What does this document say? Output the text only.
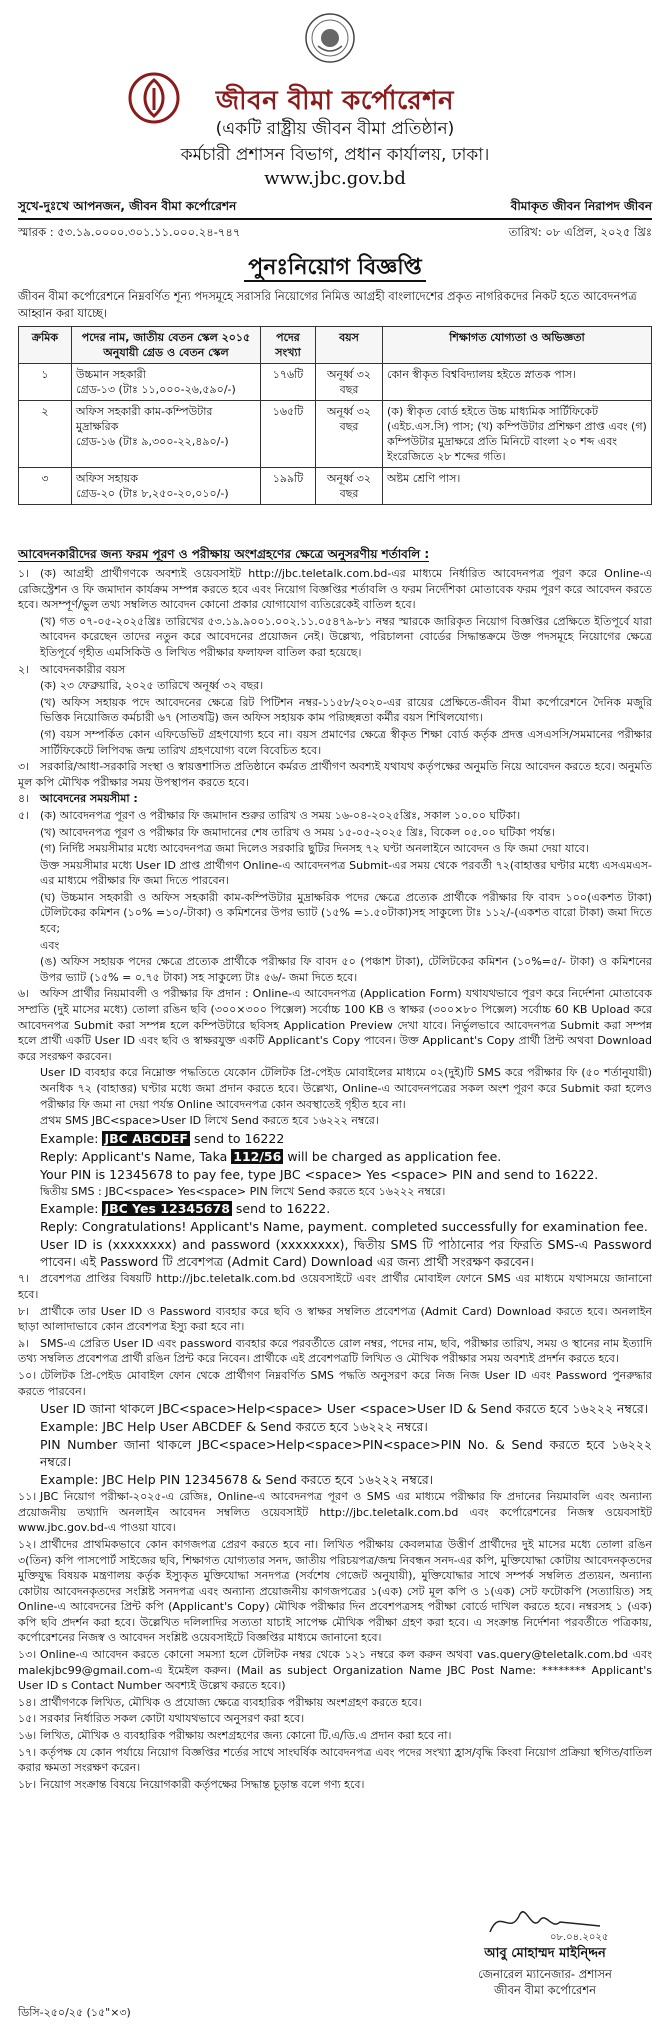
জীবন বীমা কর্পোরেশন
(একটি রাষ্ট্রীয় জীবন বীমা প্রতিষ্ঠান)
কর্মচারী প্রশাসন বিভাগ, প্রধান কার্যালয়, ঢাকা।
www.jbc.gov.bd
সুখে-দুঃখে আপনজন, জীবন বীমা কর্পোরেশন	বীমাকৃত জীবন নিরাপদ জীবন
স্মারক : ৫৩.১৯.০০০০.৩০১.১১.০০০.২৪-৭৪৭	তারিখ: ০৮ এপ্রিল, ২০২৫ খ্রিঃ
পুনঃনিয়োগ বিজ্ঞপ্তি
জীবন বীমা কর্পোরেশনে নিম্নবর্ণিত শূন্য পদসমূহে সরাসরি নিয়োগের নিমিত্ত আগ্রহী বাংলাদেশের প্রকৃত নাগরিকদের নিকট হতে আবেদনপত্র আহ্বান করা যাচ্ছে।
ক্রমিক	পদের নাম, জাতীয় বেতন স্কেল ২০১৫ অনুযায়ী গ্রেড ও বেতন স্কেল	পদের সংখ্যা	বয়স	শিক্ষাগত যোগ্যতা ও অভিজ্ঞতা
১	উচ্চমান সহকারী
গ্রেড-১৩ (টাঃ ১১,০০০-২৬,৫৯০/-)	১৭৬টি	অনূর্ধ্ব ৩২ বছর	কোন স্বীকৃত বিশ্ববিদ্যালয় হইতে স্নাতক পাস।
২	অফিস সহকারী কাম-কম্পিউটার মুদ্রাক্ষরিক
গ্রেড-১৬ (টাঃ ৯,৩০০-২২,৪৯০/-)	১৬৫টি	অনূর্ধ্ব ৩২ বছর	(ক) স্বীকৃত বোর্ড হইতে উচ্চ মাধ্যমিক সার্টিফিকেট (এইচ.এস.সি) পাস; (খ) কম্পিউটার প্রশিক্ষণ প্রাপ্ত এবং (গ) কম্পিউটার মুদ্রাক্ষরে প্রতি মিনিটে বাংলা ২০ শব্দ এবং ইংরেজিতে ২৮ শব্দের গতি।
৩	অফিস সহায়ক
গ্রেড-২০ (টাঃ ৮,২৫০-২০,০১০/-)	১৯৯টি	অনূর্ধ্ব ৩২ বছর	অষ্টম শ্রেণি পাস।
আবেদনকারীদের জন্য ফরম পূরণ ও পরীক্ষায় অংশগ্রহণের ক্ষেত্রে অনুসরণীয় শর্তাবলি :

১। (ক) আগ্রহী প্রার্থীগণকে অবশ্যই ওয়েবসাইট http://jbc.teletalk.com.bd-এর মাধ্যমে নির্ধারিত আবেদনপত্র পূরণ করে Online-এ রেজিস্ট্রেশন ও ফি জমাদান কার্যক্রম সম্পন্ন করতে হবে এবং নিয়োগ বিজ্ঞপ্তির শর্তাবলি ও ফরম নির্দেশিকা মোতাবেক ফরম পূরণ করে আবেদন করতে হবে। অসম্পূর্ণ/ভুল তথ্য সম্বলিত আবেদন কোনো প্রকার যোগাযোগ ব্যতিরেকেই বাতিল হবে।

(খ) গত ০৭-০৫-২০২৫খ্রিঃ তারিখের ৫৩.১৯.৯০০১.০০২.১১.০৫৪৭৯-৮১ নম্বর স্মারকে জারিকৃত নিয়োগ বিজ্ঞপ্তির প্রেক্ষিতে ইতিপূর্বে যারা আবেদন করেছেন তাদের নতুন করে আবেদনের প্রয়োজন নেই। উল্লেখ্য, পরিচালনা বোর্ডের সিদ্ধান্তক্রমে উক্ত পদসমূহে নিয়োগের ক্ষেত্রে ইতিপূর্বে গৃহীত এমসিকিউ ও লিখিত পরীক্ষার ফলাফল বাতিল করা হয়েছে।

২। আবেদনকারীর বয়স

(ক) ২৩ ফেব্রুয়ারি, ২০২৫ তারিখে অনূর্ধ্ব ৩২ বছর।

(খ) অফিস সহায়ক পদে আবেদনের ক্ষেত্রে রিট পিটিশন নম্বর-১১৫৮/২০২০-এর রায়ের প্রেক্ষিতে-জীবন বীমা কর্পোরেশনে দৈনিক মজুরি ভিত্তিক নিয়োজিত কর্মচারী ৬৭ (সাতষট্টি) জন অফিস সহায়ক কাম পরিচ্ছন্নতা কর্মীর বয়স শিথিলযোগ্য।

(গ) বয়স সম্পর্কিত কোন এফিডেভিট গ্রহণযোগ্য হবে না। বয়স প্রমাণের ক্ষেত্রে স্বীকৃত শিক্ষা বোর্ড কর্তৃক প্রদত্ত এসএসসি/সমমানের পরীক্ষার সার্টিফিকেটে লিপিবদ্ধ জন্ম তারিখ গ্রহণযোগ্য বলে বিবেচিত হবে।

৩। সরকারি/আধা-সরকারি সংস্থা ও স্বায়ত্তশাসিত প্রতিষ্ঠানে কর্মরত প্রার্থীগণ অবশ্যই যথাযথ কর্তৃপক্ষের অনুমতি নিয়ে আবেদন করতে হবে। অনুমতি মূল কপি মৌখিক পরীক্ষার সময় উপস্থাপন করতে হবে।

৪। আবেদনের সময়সীমা :

৫। (ক) আবেদনপত্র পূরণ ও পরীক্ষার ফি জমাদান শুরুর তারিখ ও সময় ১৬-০৪-২০২৫খ্রিঃ, সকাল ১০.০০ ঘটিকা।

(খ) আবেদনপত্র পূরণ ও পরীক্ষার ফি জমাদানের শেষ তারিখ ও সময় ১৫-০৫-২০২৫ খ্রিঃ, বিকেল ০৫.০০ ঘটিকা পর্যন্ত।

(গ) নির্দিষ্ট সময়সীমার মধ্যে আবেদনপত্র জমা দিলেও সরকারি ছুটির দিনসহ ৭২ ঘণ্টা অনলাইনে আবেদন ও ফি জমা দেয়া যাবে।

উক্ত সময়সীমার মধ্যে User ID প্রাপ্ত প্রার্থীগণ Online-এ আবেদনপত্র Submit-এর সময় থেকে পরবর্তী ৭২(বাহাত্তর ঘণ্টার মধ্যে এসএমএস-এর মাধ্যমে পরীক্ষার ফি জমা দিতে পারবেন।

(ঘ) উচ্চমান সহকারী ও অফিস সহকারী কাম-কম্পিউটার মুদ্রাক্ষরিক পদের ক্ষেত্রে প্রত্যেক প্রার্থীকে পরীক্ষার ফি বাবদ ১০০(একশত টাকা) টেলিটকের কমিশন (১০% =১০/-টাকা) ও কমিশনের উপর ভ্যাট (১৫% =১.৫০টাকা)সহ সাকুল্যে টাঃ ১১২/-(একশত বারো টাকা) জমা দিতে হবে;

এবং

(ঙ) অফিস সহায়ক পদের ক্ষেত্রে প্রত্যেক প্রার্থীকে পরীক্ষার ফি বাবদ ৫০ (পঞ্চাশ টাকা), টেলিটকের কমিশন (১০%=৫/- টাকা) ও কমিশনের উপর ভ্যাট (১৫% = ০.৭৫ টাকা) সহ সাকুল্যে টাঃ ৫৬/- জমা দিতে হবে।

৬। অফিস প্রার্থীর নিয়মাবলী ও পরীক্ষার ফি প্রদান : Online-এ আবেদনপত্র (Application Form) যথাযথভাবে পূরণ করে নির্দেশনা মোতাবেক সম্প্রতি (দুই মাসের মধ্যে) তোলা রঙিন ছবি (৩০০×৩০০ পিক্সেল) সর্বোচ্চ 100 KB ও স্বাক্ষর (৩০০×৮০ পিক্সেল) সর্বোচ্চ 60 KB Upload করে আবেদনপত্র Submit করা সম্পন্ন হলে কম্পিউটারে ছবিসহ Application Preview দেখা যাবে। নির্ভুলভাবে আবেদনপত্র Submit করা সম্পন্ন হলে প্রার্থী একটি User ID এবং ছবি ও স্বাক্ষরযুক্ত একটি Applicant's Copy পাবেন। উক্ত Applicant's Copy প্রার্থী প্রিন্ট অথবা Download করে সংরক্ষণ করবেন।

User ID ব্যবহার করে নিম্নোক্ত পদ্ধতিতে যেকোন টেলিটক প্রি-পেইড মোবাইলের মাধ্যমে ০২(দুই)টি SMS করে পরীক্ষার ফি (৫০ শর্তানুযায়ী) অনধিক ৭২ (বাহাত্তর) ঘণ্টার মধ্যে জমা প্রদান করতে হবে। উল্লেখ্য, Online-এ আবেদনপত্রের সকল অংশ পূরণ করে Submit করা হলেও পরীক্ষার ফি জমা না দেয়া পর্যন্ত Online আবেদনপত্র কোন অবস্থাতেই গৃহীত হবে না।

প্রথম SMS JBC<space>User ID লিখে Send করতে হবে ১৬২২২ নম্বরে।

Example: JBC ABCDEF send to 16222

Reply: Applicant's Name, Taka 112/56 will be charged as application fee.

Your PIN is 12345678 to pay fee, type JBC <space> Yes <space> PIN and send to 16222.

দ্বিতীয় SMS : JBC<space> Yes<space> PIN লিখে Send করতে হবে ১৬২২২ নম্বরে।

Example: JBC Yes 12345678 send to 16222.

Reply: Congratulations! Applicant's Name, payment. completed successfully for examination fee.

User ID is (xxxxxxxx) and password (xxxxxxxx), দ্বিতীয় SMS টি পাঠানোর পর ফিরতি SMS-এ Password পাবেন। এই Password টি প্রবেশপত্র (Admit Card) Download এর জন্য প্রার্থী সংরক্ষণ করবেন।

৭। প্রবেশপত্র প্রাপ্তির বিষয়টি http://jbc.teletalk.com.bd ওয়েবসাইটে এবং প্রার্থীর মোবাইল ফোনে SMS এর মাধ্যমে যথাসময়ে জানানো হবে।

৮। প্রার্থীকে তার User ID ও Password ব্যবহার করে ছবি ও স্বাক্ষর সম্বলিত প্রবেশপত্র (Admit Card) Download করতে হবে। অনলাইন ছাড়া আলাদাভাবে কোন প্রবেশপত্র ইস্যু করা হবে না।

৯। SMS-এ প্রেরিত User ID এবং password ব্যবহার করে পরবর্তীতে রোল নম্বর, পদের নাম, ছবি, পরীক্ষার তারিখ, সময় ও স্থানের নাম ইত্যাদি তথ্য সম্বলিত প্রবেশপত্র প্রার্থী রঙিন প্রিন্ট করে নিবেন। প্রার্থীকে এই প্রবেশপত্রটি লিখিত ও মৌখিক পরীক্ষার সময় অবশ্যই প্রদর্শন করতে হবে।

১০। টেলিটক প্রি-পেইড মোবাইল ফোন থেকে প্রার্থীগণ নিম্নবর্ণিত SMS পদ্ধতি অনুসরণ করে নিজ নিজ User ID এবং Password পুনরুদ্ধার করতে পারবেন।

User ID জানা থাকলে JBC<space>Help<space> User <space>User ID & Send করতে হবে ১৬২২২ নম্বরে।

Example: JBC Help User ABCDEF & Send করতে হবে ১৬২২২ নম্বরে।

PIN Number জানা থাকলে JBC<space>Help<space>PIN<space>PIN No. & Send করতে হবে ১৬২২২ নম্বরে।

Example: JBC Help PIN 12345678 & Send করতে হবে ১৬২২২ নম্বরে।

১১। JBC নিয়োগ পরীক্ষা-২০২৫-এ রেজিঃ, Online-এ আবেদনপত্র পূরণ ও SMS এর মাধ্যমে পরীক্ষার ফি প্রদানের নিয়মাবলি এবং অন্যান্য প্রয়োজনীয় তথ্যাদি অনলাইন আবেদন সম্বলিত ওয়েবসাইট http://jbc.teletalk.com.bd এবং কর্পোরেশনের নিজস্ব ওয়েবসাইট www.jbc.gov.bd-এ পাওয়া যাবে।

১২। প্রার্থীদের প্রাথমিকভাবে কোন কাগজপত্র প্রেরণ করতে হবে না। লিখিত পরীক্ষায় কেবলমাত্র উত্তীর্ণ প্রার্থীদের দুই মাসের মধ্যে তোলা রঙিন ৩(তিন) কপি পাসপোর্ট সাইজের ছবি, শিক্ষাগত যোগ্যতার সনদ, জাতীয় পরিচয়পত্র/জন্ম নিবন্ধন সনদ-এর কপি, মুক্তিযোদ্ধা কোটায় আবেদনকৃতদের মুক্তিযুদ্ধ বিষয়ক মন্ত্রণালয় কর্তৃক ইস্যুকৃত মুক্তিযোদ্ধা সনদপত্র (সর্বশেষ গেজেট অনুযায়ী), মুক্তিযোদ্ধার সাথে সম্পর্ক সম্বলিত প্রত্যয়ন, অন্যান্য কোটায় আবেদনকৃতদের সংশ্লিষ্ট সনদপত্র এবং অন্যান্য প্রয়োজনীয় কাগজপত্রের ১(এক) সেট মূল কপি ও ১(এক) সেট ফটোকপি (সত্যায়িত) সহ Online-এ আবেদনের প্রিন্ট কপি (Applicant's Copy) মৌখিক পরীক্ষার দিন প্রবেশপত্রসহ পরীক্ষা বোর্ডে দাখিল করতে হবে। নম্বরসহ ১ (এক) কপি ছবি প্রদর্শন করা হবে। উল্লেখিত দলিলাদির সত্যতা যাচাই সাপেক্ষ মৌখিক পরীক্ষা গ্রহণ করা হবে। এ সংক্রান্ত নির্দেশনা পরবর্তীতে পত্রিকায়, কর্পোরেশনের নিজস্ব ও আবেদন সংশ্লিষ্ট ওয়েবসাইটে বিজ্ঞপ্তির মাধ্যমে জানানো হবে।

১৩। Online-এ আবেদন করতে কোনো সমস্যা হলে টেলিটক নম্বর থেকে ১২১ নম্বরে কল করুন অথবা vas.query@teletalk.com.bd এবং malekjbc99@gmail.com-এ ইমেইল করুন। (Mail as subject Organization Name JBC Post Name: ******** Applicant's User ID s Contact Number অবশ্যই উল্লেখ করতে হবে।)

১৪। প্রার্থীগণকে লিখিত, মৌখিক ও প্রযোজ্য ক্ষেত্রে ব্যবহারিক পরীক্ষায় অংশগ্রহণ করতে হবে।

১৫। সরকার নির্ধারিত সকল কোটা যথাযথভাবে অনুসরণ করা হবে।

১৬। লিখিত, মৌখিক ও ব্যবহারিক পরীক্ষায় অংশগ্রহণের জন্য কোনো টি.এ/ডি.এ প্রদান করা হবে না।

১৭। কর্তৃপক্ষ যে কোন পর্যায়ে নিয়োগ বিজ্ঞপ্তির শর্তের সাথে সাংঘর্ষিক আবেদনপত্র এবং পদের সংখ্যা হ্রাস/বৃদ্ধি কিংবা নিয়োগ প্রক্রিয়া স্থগিত/বাতিল করার ক্ষমতা সংরক্ষণ করেন।

১৮। নিয়োগ সংক্রান্ত বিষয়ে নিয়োগকারী কর্তৃপক্ষের সিদ্ধান্ত চূড়ান্ত বলে গণ্য হবে।

০৮.০৪.২০২৫
আবু মোহাম্মদ মাইন্দ্দিন
জেনারেল ম্যানেজার- প্রশাসন
জীবন বীমা কর্পোরেশন
ডিসি-২৫০/২৫ (১৫"×৩)
